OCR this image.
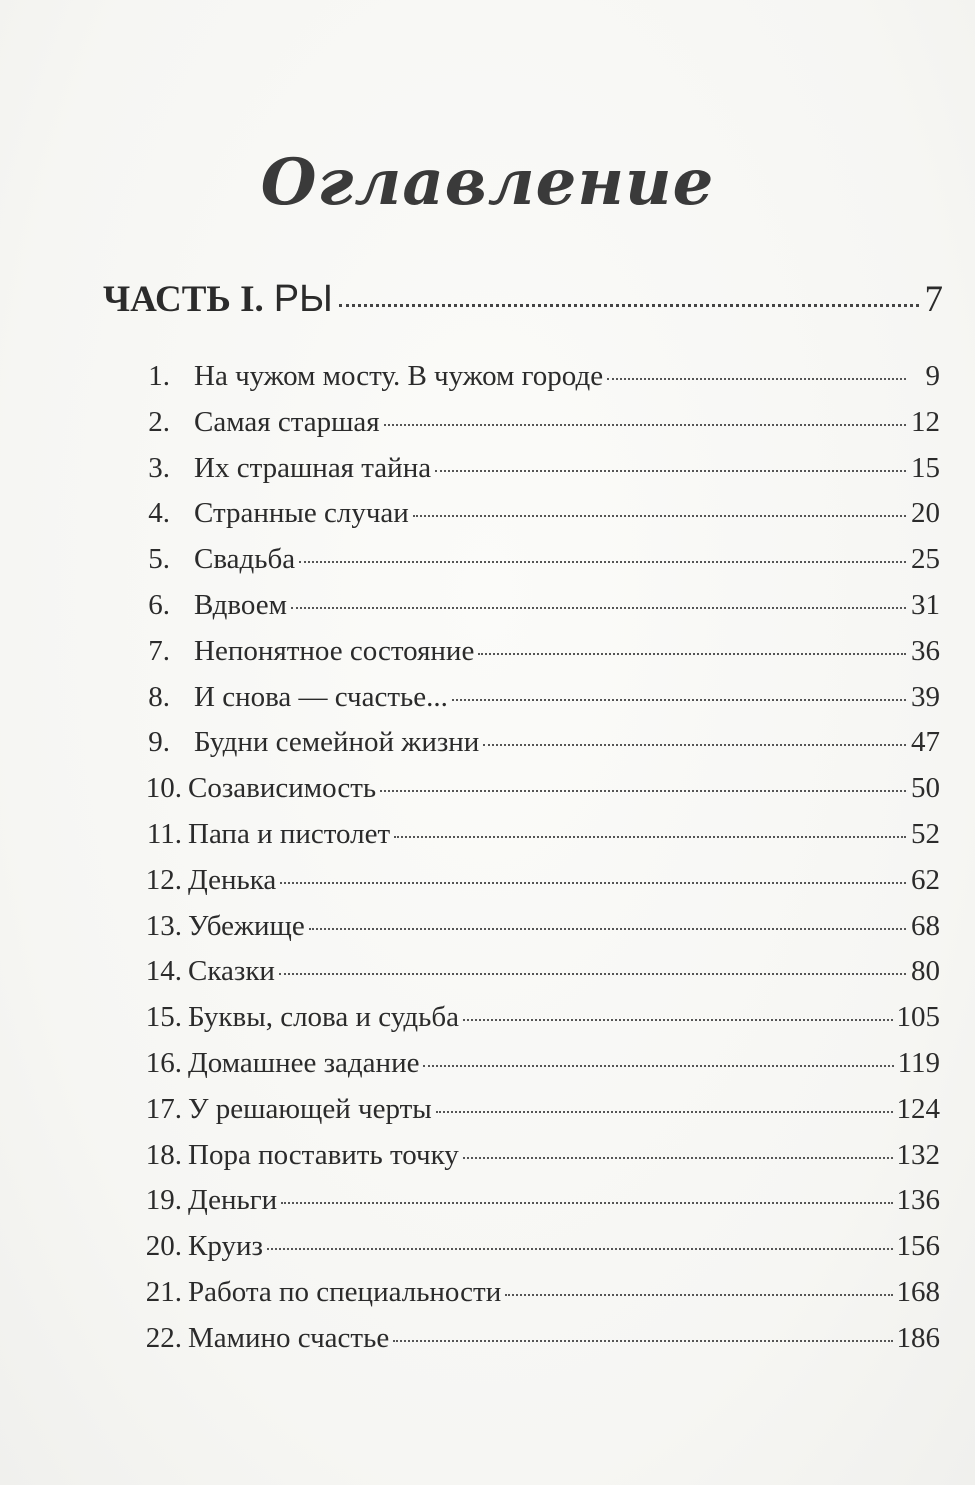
Оглавление
ЧАСТЬ I. РЫ	7
1. На чужом мосту. В чужом городе	9
2. Самая старшая	12
3. Их страшная тайна	15
4. Странные случаи	20
5. Свадьба	25
6. Вдвоем	31
7. Непонятное состояние	36
8. И снова — счастье...	39
9. Будни семейной жизни	47
10. Созависимость	50
11. Папа и пистолет	52
12. Денька	62
13. Убежище	68
14. Сказки	80
15. Буквы, слова и судьба	105
16. Домашнее задание	119
17. У решающей черты	124
18. Пора поставить точку	132
19. Деньги	136
20. Круиз	156
21. Работа по специальности	168
22. Мамино счастье	186
